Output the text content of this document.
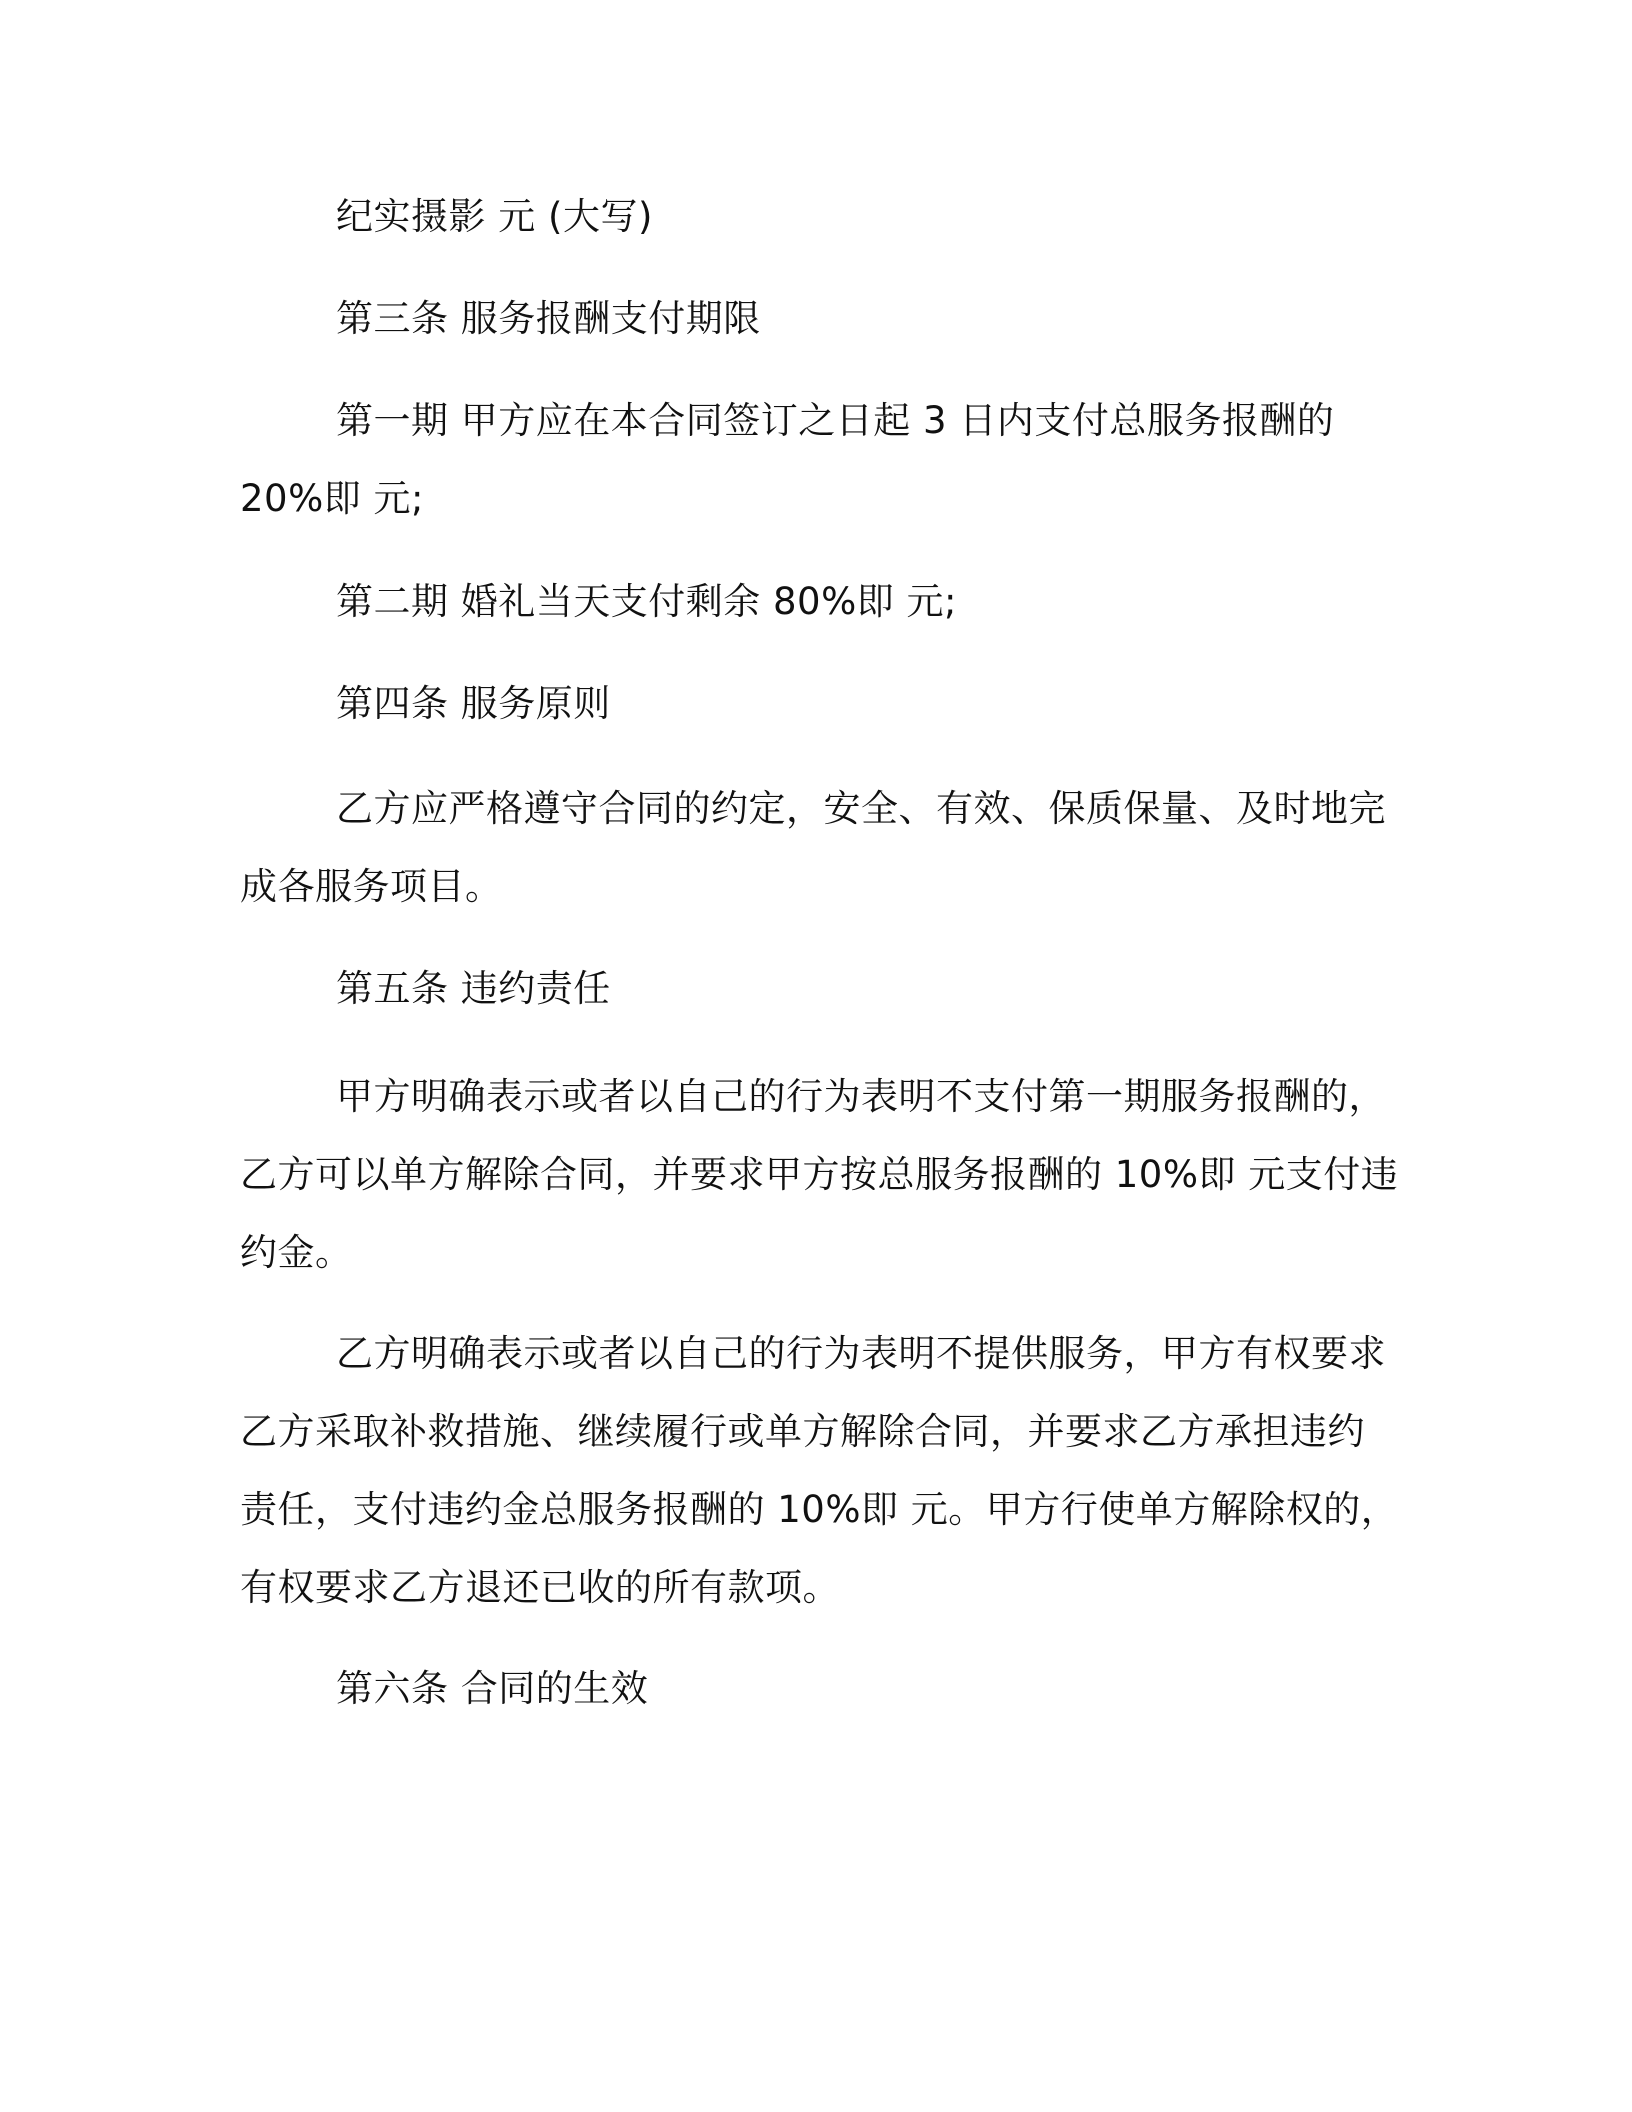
纪实摄影 元 (大写)
第三条 服务报酬支付期限
第一期 甲方应在本合同签订之日起 3 日内支付总服务报酬的
20%即 元;
第二期 婚礼当天支付剩余 80%即 元;
第四条 服务原则
乙方应严格遵守合同的约定，安全、有效、保质保量、及时地完
成各服务项目。
第五条 违约责任
甲方明确表示或者以自己的行为表明不支付第一期服务报酬的，
乙方可以单方解除合同，并要求甲方按总服务报酬的 10%即 元支付违
约金。
乙方明确表示或者以自己的行为表明不提供服务，甲方有权要求
乙方采取补救措施、继续履行或单方解除合同，并要求乙方承担违约
责任，支付违约金总服务报酬的 10%即 元。甲方行使单方解除权的，
有权要求乙方退还已收的所有款项。
第六条 合同的生效
